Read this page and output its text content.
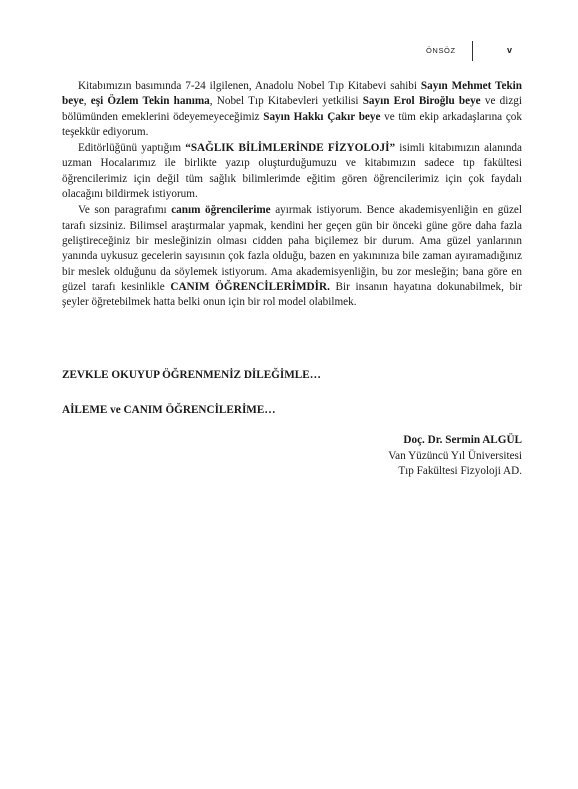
ÖNSÖZ	v

Kitabımızın basımında 7-24 ilgilenen, Anadolu Nobel Tıp Kitabevi sahibi Sayın Mehmet Tekin beye, eşi Özlem Tekin hanıma, Nobel Tıp Kitabevleri yetkilisi Sayın Erol Biroğlu beye ve dizgi bölümünden emeklerini ödeyemeyeceğimiz Sayın Hakkı Çakır beye ve tüm ekip arkadaşlarına çok teşekkür ediyorum.

Editörlüğünü yaptığım “SAĞLIK BİLİMLERİNDE FİZYOLOJİ” isimli kitabımızın alanında uzman Hocalarımız ile birlikte yazıp oluşturduğumuzu ve kitabımızın sadece tıp fakültesi öğrencilerimiz için değil tüm sağlık bilimlerimde eğitim gören öğrencilerimiz için çok faydalı olacağını bildirmek istiyorum.

Ve son paragrafımı canım öğrencilerime ayırmak istiyorum. Bence akademisyenliğin en güzel tarafı sizsiniz. Bilimsel araştırmalar yapmak, kendini her geçen gün bir önceki güne göre daha fazla geliştireceğiniz bir mesleğinizin olması cidden paha biçilemez bir durum. Ama güzel yanlarının yanında uykusuz gecelerin sayısının çok fazla olduğu, bazen en yakınınıza bile zaman ayıramadığınız bir meslek olduğunu da söylemek istiyorum. Ama akademisyenliğin, bu zor mesleğin; bana göre en güzel tarafı kesinlikle CANIM ÖĞRENCİLERİMDİR. Bir insanın hayatına dokunabilmek, bir şeyler öğretebilmek hatta belki onun için bir rol model olabilmek.

ZEVKLE OKUYUP ÖĞRENMENİZ DİLEĞİMLE…
AİLEME ve CANIM ÖĞRENCİLERİME…
Doç. Dr. Sermin ALGÜL
Van Yüzüncü Yıl Üniversitesi
Tıp Fakültesi Fizyoloji AD.
